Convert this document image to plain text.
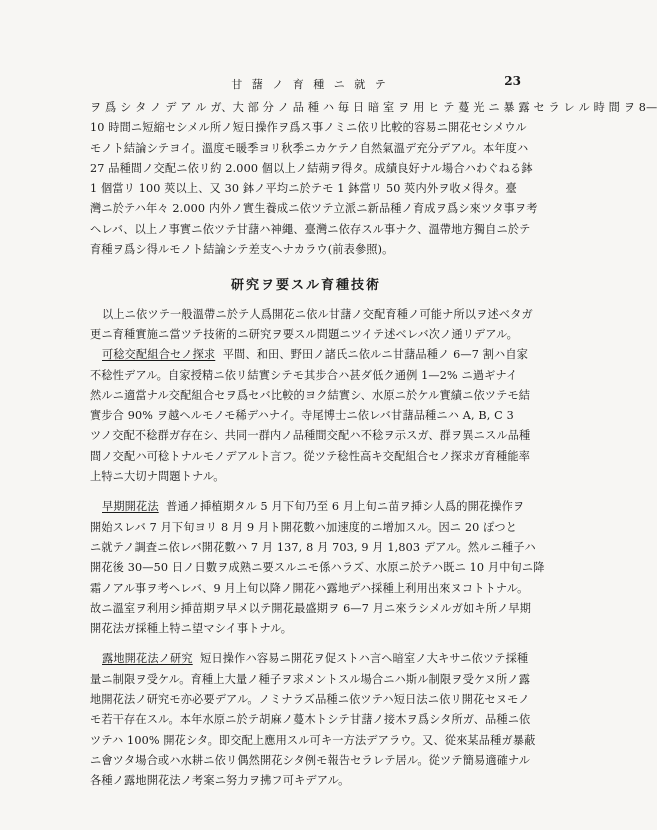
甘 藷 ノ 育 種 ニ 就 テ	23
ヲ 爲 シ タ ノ デ ア ル ガ、大 部 分 ノ 品 種 ハ 毎 日 暗 室 ヲ 用 ヒ テ 蔓 光 ニ 暴 露 セ ラ レ ル 時 間 ヲ 8—
10 時間ニ短縮セシメル所ノ短日操作ヲ爲ス事ノミニ依リ比較的容易ニ開花セシメウル
モノト結論シテヨイ。溫度モ暖季ヨリ秋季ニカケテノ自然氣溫デ充分デアル。本年度ハ
27 品種間ノ交配ニ依リ約 2.000 個以上ノ結蒴ヲ得タ。成績良好ナル場合ハわぐねる鉢
1 個當リ 100 莢以上、又 30 鉢ノ平均ニ於テモ 1 鉢當リ 50 莢内外ヲ收メ得タ。臺
灣ニ於テハ年々 2.000 内外ノ實生養成ニ依ツテ立派ニ新品種ノ育成ヲ爲シ來ツタ事ヲ考
ヘレバ、以上ノ事實ニ依ツテ甘藷ハ神繩、臺灣ニ依存スル事ナク、溫帶地方獨自ニ於テ
育種ヲ爲シ得ルモノト結論シテ差支ヘナカラウ(前表參照)。
研究ヲ要スル育種技術
以上ニ依ツテ一般溫帶ニ於テ人爲開花ニ依ル甘藷ノ交配育種ノ可能ナ所以ヲ述ベタガ
更ニ育種實施ニ當ツテ技術的ニ研究ヲ要スル問題ニツイテ述ベレバ次ノ通リデアル。
可稔交配組合セノ探求 平間、和田、野田ノ諸氏ニ依ルニ甘藷品種ノ 6—7 割ハ自家
不稔性デアル。自家授精ニ依リ結實シテモ其步合ハ甚ダ低ク通例 1—2% ニ過ギナイ
然ルニ適當ナル交配組合セヲ爲セバ比較的ヨク結實シ、水原ニ於ケル實績ニ依ツテモ結
實步合 90% ヲ越ヘルモノモ稀デハナイ。寺尾博士ニ依レバ甘藷品種ニハ A, B, C 3
ツノ交配不稔群ガ存在シ、共同一群内ノ品種間交配ハ不稔ヲ示スガ、群ヲ異ニスル品種
間ノ交配ハ可稔トナルモノデアルト言フ。從ツテ稔性高キ交配組合セノ探求ガ育種能率
上特ニ大切ナ問題トナル。
早期開花法 普通ノ挿植期タル 5 月下旬乃至 6 月上旬ニ苗ヲ挿シ人爲的開花操作ヲ
開始スレバ 7 月下旬ヨリ 8 月 9 月ト開花數ハ加速度的ニ增加スル。因ニ 20 ぽつと
ニ就テノ調査ニ依レバ開花數ハ 7 月 137, 8 月 703, 9 月 1,803 デアル。然ルニ種子ハ
開花後 30—50 日ノ日數ヲ成熟ニ要スルニモ係ハラズ、水原ニ於テハ既ニ 10 月中旬ニ降
霜ノアル事ヲ考ヘレバ、9 月上旬以降ノ開花ハ露地デハ採種上利用出來ヌコトトナル。
故ニ溫室ヲ利用シ挿苗期ヲ早メ以テ開花最盛期ヲ 6—7 月ニ來ラシメルガ如キ所ノ早期
開花法ガ採種上特ニ望マシイ事トナル。
露地開花法ノ研究 短日操作ハ容易ニ開花ヲ促ストハ言ヘ暗室ノ大キサニ依ツテ採種
量ニ制限ヲ受ケル。育種上大量ノ種子ヲ求メントスル場合ニハ斯ル制限ヲ受ケヌ所ノ露
地開花法ノ研究モ亦必要デアル。ノミナラズ品種ニ依ツテハ短日法ニ依リ開花セヌモノ
モ若干存在スル。本年水原ニ於テ胡麻ノ蔓木トシテ甘藷ノ接木ヲ爲シタ所ガ、品種ニ依
ツテハ 100% 開花シタ。即交配上應用スル可キ一方法デアラウ。又、從來某品種ガ暴蔽
ニ會ツタ場合或ハ水耕ニ依リ偶然開花シタ例モ報告セラレテ居ル。從ツテ簡易適確ナル
各種ノ露地開花法ノ考案ニ努力ヲ拂フ可キデアル。
